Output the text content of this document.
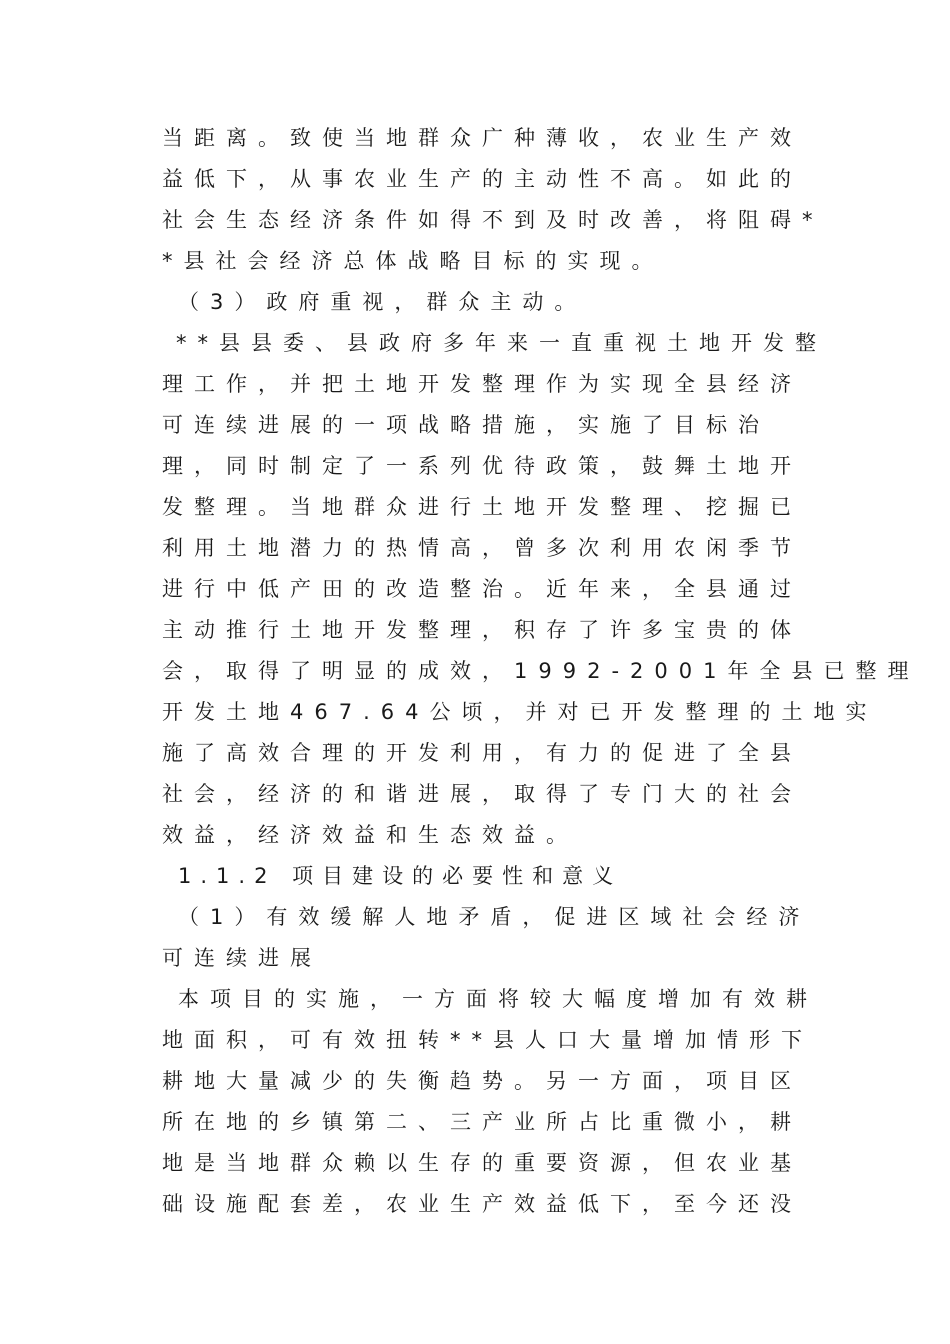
当距离。致使当地群众广种薄收，农业生产效
益低下，从事农业生产的主动性不高。如此的
社会生态经济条件如得不到及时改善，将阻碍*
*县社会经济总体战略目标的实现。
（3）政府重视，群众主动。
**县县委、县政府多年来一直重视土地开发整
理工作，并把土地开发整理作为实现全县经济
可连续进展的一项战略措施，实施了目标治
理，同时制定了一系列优待政策，鼓舞土地开
发整理。当地群众进行土地开发整理、挖掘已
利用土地潜力的热情高，曾多次利用农闲季节
进行中低产田的改造整治。近年来，全县通过
主动推行土地开发整理，积存了许多宝贵的体
会，取得了明显的成效，1992-2001年全县已整理
开发土地467.64公顷，并对已开发整理的土地实
施了高效合理的开发利用，有力的促进了全县
社会，经济的和谐进展，取得了专门大的社会
效益，经济效益和生态效益。
1.1.2 项目建设的必要性和意义
（1）有效缓解人地矛盾，促进区域社会经济
可连续进展
本项目的实施，一方面将较大幅度增加有效耕
地面积，可有效扭转**县人口大量增加情形下
耕地大量减少的失衡趋势。另一方面，项目区
所在地的乡镇第二、三产业所占比重微小，耕
地是当地群众赖以生存的重要资源，但农业基
础设施配套差，农业生产效益低下，至今还没
